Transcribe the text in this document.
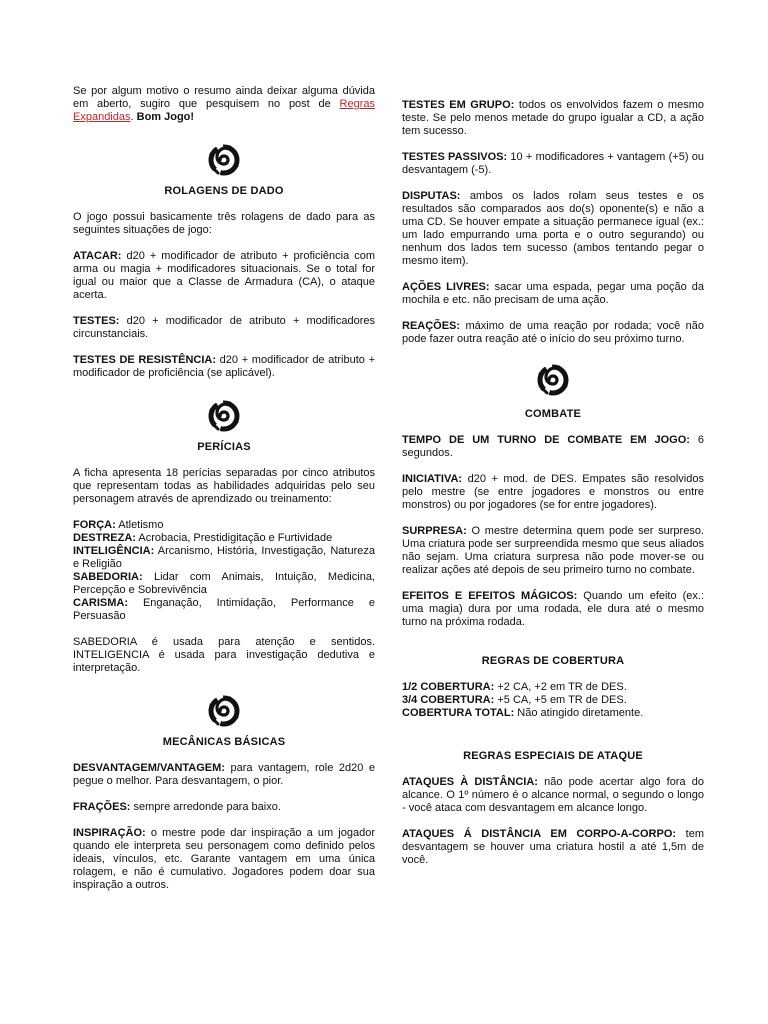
Se por algum motivo o resumo ainda deixar alguma dúvida em aberto, sugiro que pesquisem no post de Regras Expandidas. Bom Jogo!

ROLAGENS DE DADO

O jogo possui basicamente três rolagens de dado para as seguintes situações de jogo:

ATACAR: d20 + modificador de atributo + proficiência com arma ou magia + modificadores situacionais. Se o total for igual ou maior que a Classe de Armadura (CA), o ataque acerta.

TESTES: d20 + modificador de atributo + modificadores circunstanciais.

TESTES DE RESISTÊNCIA: d20 + modificador de atributo + modificador de proficiência (se aplicável).

PERÍCIAS

A ficha apresenta 18 perícias separadas por cinco atributos que representam todas as habilidades adquiridas pelo seu personagem através de aprendizado ou treinamento:

FORÇA: Atletismo

DESTREZA: Acrobacia, Prestidigitação e Furtividade

INTELIGÊNCIA: Arcanismo, História, Investigação, Natureza e Religião

SABEDORIA: Lidar com Animais, Intuição, Medicina, Percepção e Sobrevivência

CARISMA: Enganação, Intimidação, Performance e Persuasão

SABEDORIA é usada para atenção e sentidos. INTELIGENCIA é usada para investigação dedutiva e interpretação.

MECÂNICAS BÁSICAS

DESVANTAGEM/VANTAGEM: para vantagem, role 2d20 e pegue o melhor. Para desvantagem, o pior.

FRAÇÕES: sempre arredonde para baixo.

INSPIRAÇÃO: o mestre pode dar inspiração a um jogador quando ele interpreta seu personagem como definido pelos ideais, vínculos, etc. Garante vantagem em uma única rolagem, e não é cumulativo. Jogadores podem doar sua inspiração a outros.

TESTES EM GRUPO: todos os envolvidos fazem o mesmo teste. Se pelo menos metade do grupo igualar a CD, a ação tem sucesso.

TESTES PASSIVOS: 10 + modificadores + vantagem (+5) ou desvantagem (-5).

DISPUTAS: ambos os lados rolam seus testes e os resultados são comparados aos do(s) oponente(s) e não a uma CD. Se houver empate a situação permanece igual (ex.: um lado empurrando uma porta e o outro segurando) ou nenhum dos lados tem sucesso (ambos tentando pegar o mesmo item).

AÇÕES LIVRES: sacar uma espada, pegar uma poção da mochila e etc. não precisam de uma ação.

REAÇÕES: máximo de uma reação por rodada; você não pode fazer outra reação até o início do seu próximo turno.

COMBATE

TEMPO DE UM TURNO DE COMBATE EM JOGO: 6 segundos.

INICIATIVA: d20 + mod. de DES. Empates são resolvidos pelo mestre (se entre jogadores e monstros ou entre monstros) ou por jogadores (se for entre jogadores).

SURPRESA: O mestre determina quem pode ser surpreso. Uma criatura pode ser surpreendida mesmo que seus aliados não sejam. Uma criatura surpresa não pode mover-se ou realizar ações até depois de seu primeiro turno no combate.

EFEITOS E EFEITOS MÁGICOS: Quando um efeito (ex.: uma magia) dura por uma rodada, ele dura até o mesmo turno na próxima rodada.

REGRAS DE COBERTURA

1/2 COBERTURA: +2 CA, +2 em TR de DES.

3/4 COBERTURA: +5 CA, +5 em TR de DES.

COBERTURA TOTAL: Não atingido diretamente.

REGRAS ESPECIAIS DE ATAQUE

ATAQUES À DISTÂNCIA: não pode acertar algo fora do alcance. O 1º número é o alcance normal, o segundo o longo - você ataca com desvantagem em alcance longo.

ATAQUES Á DISTÂNCIA EM CORPO-A-CORPO: tem desvantagem se houver uma criatura hostil a até 1,5m de você.
